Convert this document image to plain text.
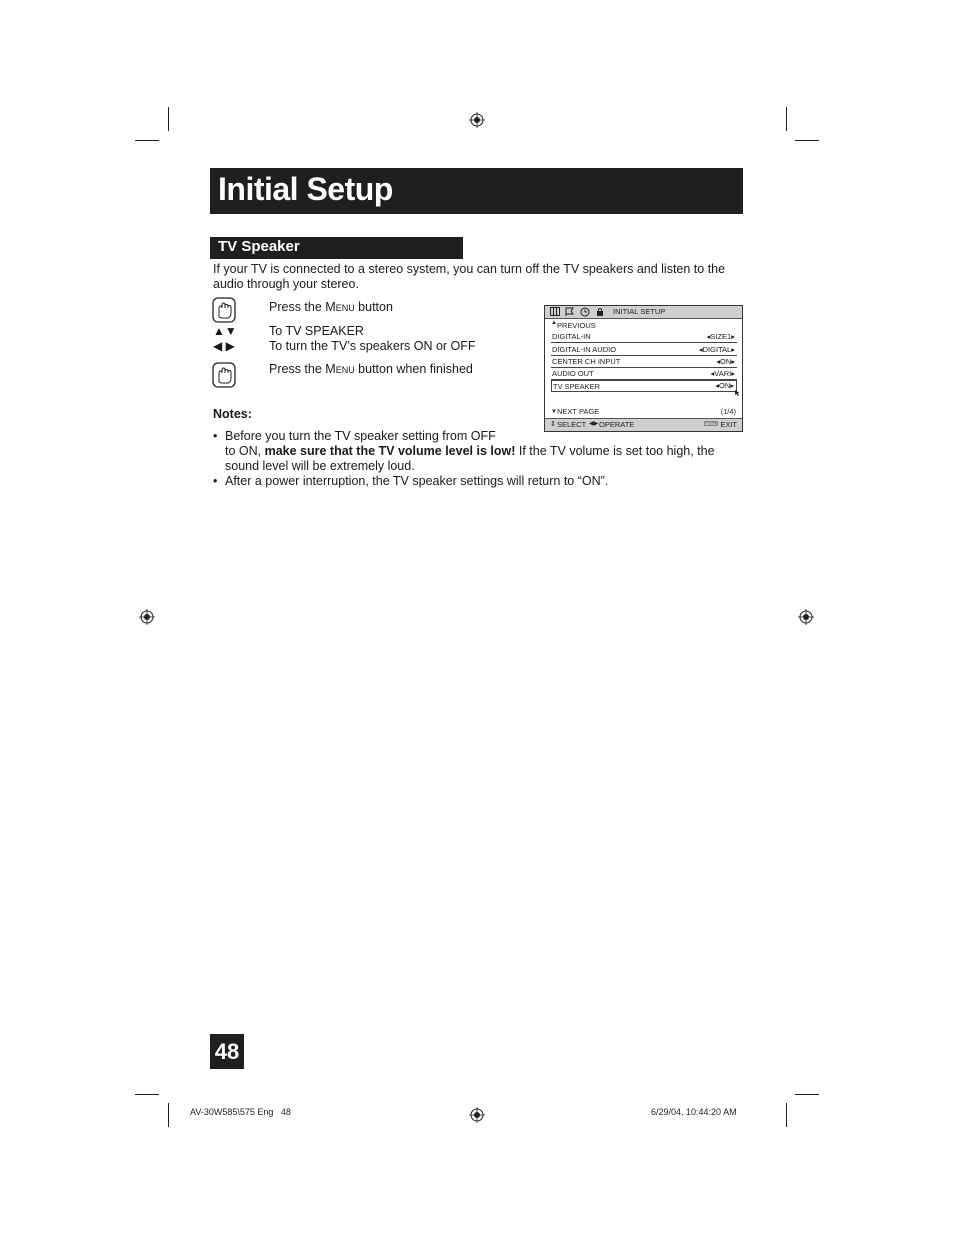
Initial Setup
TV Speaker
If your TV is connected to a stereo system, you can turn off the TV speakers and listen to the audio through your stereo.
Press the Menu button
▲▼	To TV SPEAKER
◀ ▶	To turn the TV’s speakers ON or OFF
Press the Menu button when finished
INITIAL SETUP
▲ PREVIOUS
DIGITAL-IN	◂SIZE1▸
DIGITAL-IN AUDIO	◂DIGITAL▸
CENTER CH INPUT	◂ON▸
AUDIO OUT	◂VARI▸
TV SPEAKER	◂ON▸
▼ NEXT PAGE	(1/4)
⇕ SELECT ◀▶ OPERATE	MENU EXIT
Notes:
• Before you turn the TV speaker setting from OFF
to ON, make sure that the TV volume level is low! If the TV volume is set too high, the
sound level will be extremely loud.
• After a power interruption, the TV speaker settings will return to “ON”.
48
AV-30W585\575 Eng   48	6/29/04, 10:44:20 AM
